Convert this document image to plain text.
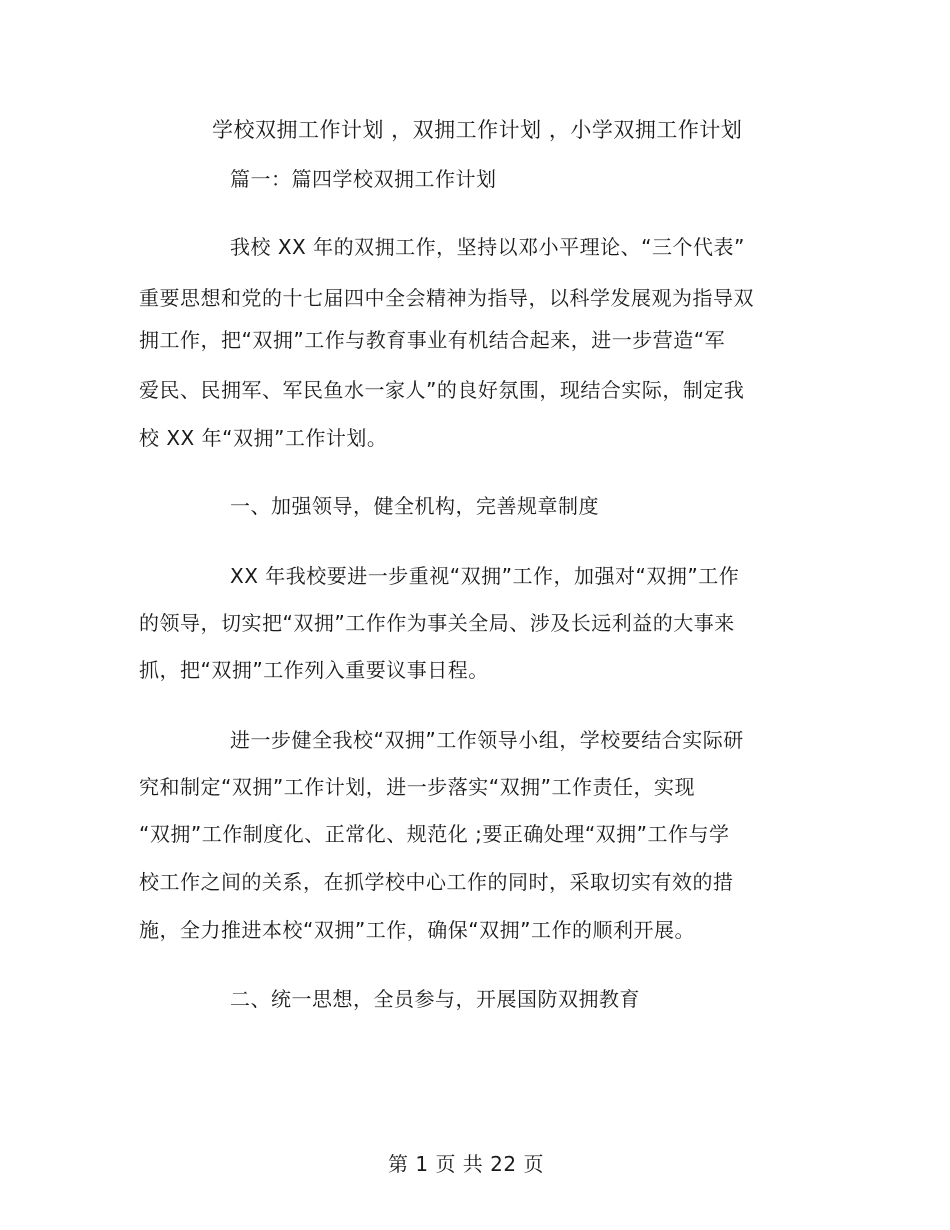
学校双拥工作计划 ，双拥工作计划 ，小学双拥工作计划
篇一：篇四学校双拥工作计划
我校 XX 年的双拥工作，坚持以邓小平理论、“三个代表”
重要思想和党的十七届四中全会精神为指导，以科学发展观为指导双
拥工作，把“双拥”工作与教育事业有机结合起来，进一步营造“军
爱民、民拥军、军民鱼水一家人”的良好氛围，现结合实际，制定我
校 XX 年“双拥”工作计划。
一、加强领导，健全机构，完善规章制度
XX 年我校要进一步重视“双拥”工作，加强对“双拥”工作
的领导，切实把“双拥”工作作为事关全局、涉及长远利益的大事来
抓，把“双拥”工作列入重要议事日程。
进一步健全我校“双拥”工作领导小组，学校要结合实际研
究和制定“双拥”工作计划，进一步落实“双拥”工作责任，实现
“双拥”工作制度化、正常化、规范化 ;要正确处理“双拥”工作与学
校工作之间的关系，在抓学校中心工作的同时，采取切实有效的措
施，全力推进本校“双拥”工作，确保“双拥”工作的顺利开展。
二、统一思想，全员参与，开展国防双拥教育
第 1 页 共 22 页
